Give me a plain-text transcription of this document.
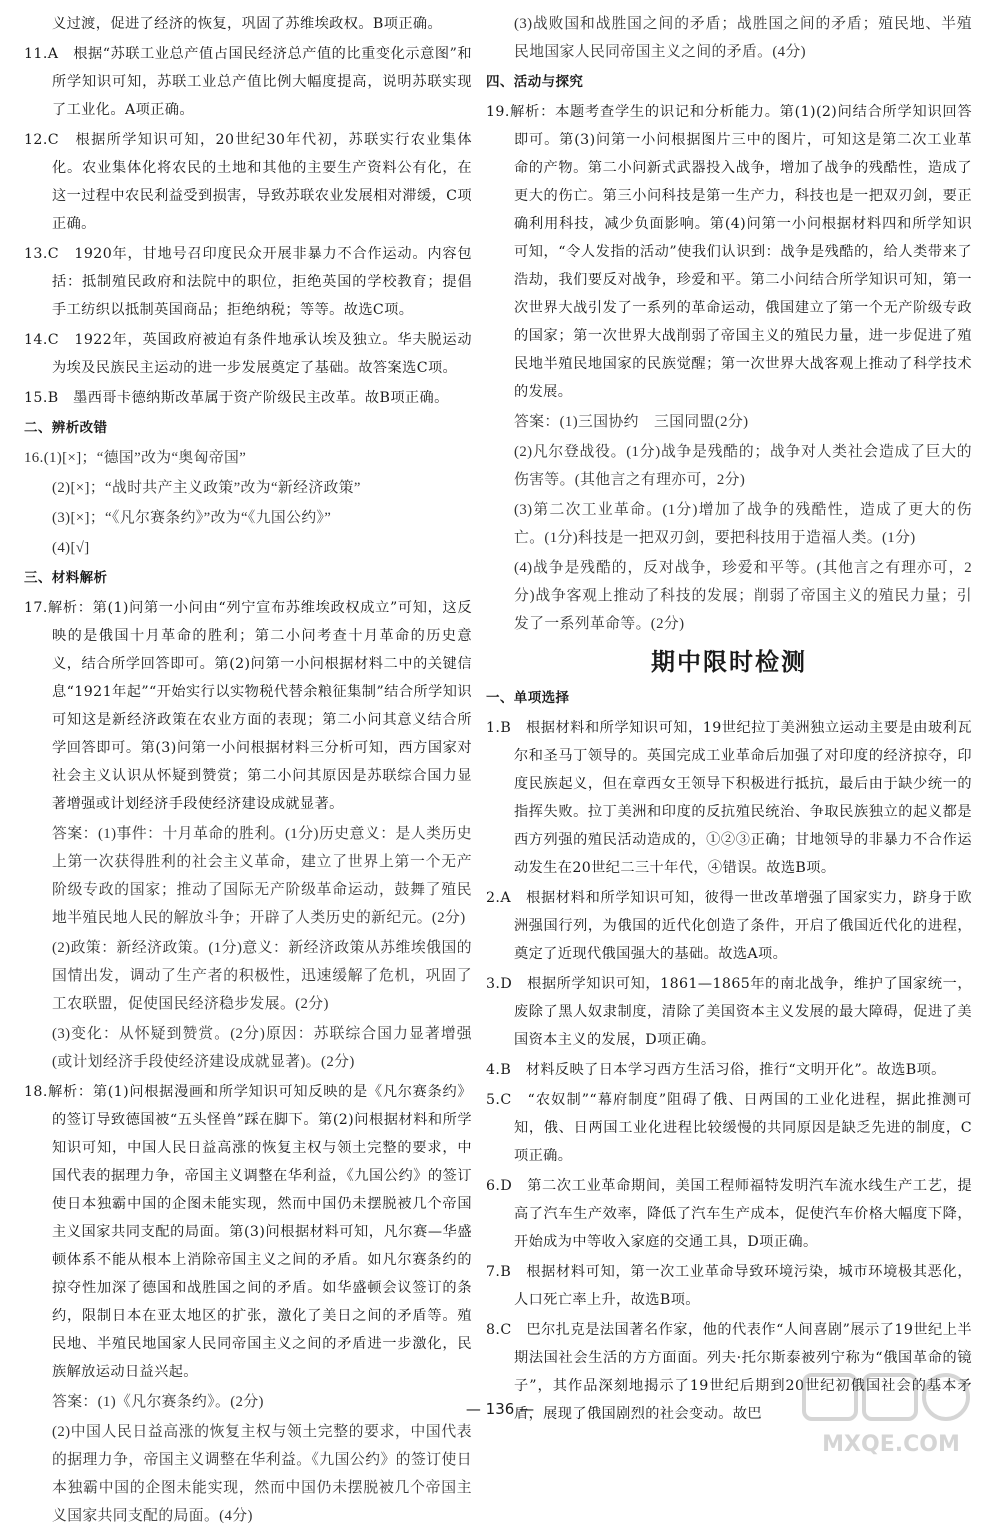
义过渡，促进了经济的恢复，巩固了苏维埃政权。B项正确。
11.A　根据“苏联工业总产值占国民经济总产值的比重变化示意图”和所学知识可知，苏联工业总产值比例大幅度提高，说明苏联实现了工业化。A项正确。
12.C　根据所学知识可知，20世纪30年代初，苏联实行农业集体化。农业集体化将农民的土地和其他的主要生产资料公有化，在这一过程中农民利益受到损害，导致苏联农业发展相对滞缓，C项正确。
13.C　1920年，甘地号召印度民众开展非暴力不合作运动。内容包括：抵制殖民政府和法院中的职位，拒绝英国的学校教育；提倡手工纺织以抵制英国商品；拒绝纳税；等等。故选C项。
14.C　1922年，英国政府被迫有条件地承认埃及独立。华夫脱运动为埃及民族民主运动的进一步发展奠定了基础。故答案选C项。
15.B　墨西哥卡德纳斯改革属于资产阶级民主改革。故B项正确。
二、辨析改错
16.(1)[×]；“德国”改为“奥匈帝国”
(2)[×]；“战时共产主义政策”改为“新经济政策”
(3)[×]；“《凡尔赛条约》”改为“《九国公约》”
(4)[√]
三、材料解析
17.解析：第(1)问第一小问由“列宁宣布苏维埃政权成立”可知，这反映的是俄国十月革命的胜利；第二小问考查十月革命的历史意义，结合所学回答即可。第(2)问第一小问根据材料二中的关键信息“1921年起”“开始实行以实物税代替余粮征集制”结合所学知识可知这是新经济政策在农业方面的表现；第二小问其意义结合所学回答即可。第(3)问第一小问根据材料三分析可知，西方国家对社会主义认识从怀疑到赞赏；第二小问其原因是苏联综合国力显著增强或计划经济手段使经济建设成就显著。
答案：(1)事件：十月革命的胜利。(1分)历史意义：是人类历史上第一次获得胜利的社会主义革命，建立了世界上第一个无产阶级专政的国家；推动了国际无产阶级革命运动，鼓舞了殖民地半殖民地人民的解放斗争；开辟了人类历史的新纪元。(2分)
(2)政策：新经济政策。(1分)意义：新经济政策从苏维埃俄国的国情出发，调动了生产者的积极性，迅速缓解了危机，巩固了工农联盟，促使国民经济稳步发展。(2分)
(3)变化：从怀疑到赞赏。(2分)原因：苏联综合国力显著增强(或计划经济手段使经济建设成就显著)。(2分)
18.解析：第(1)问根据漫画和所学知识可知反映的是《凡尔赛条约》的签订导致德国被“五头怪兽”踩在脚下。第(2)问根据材料和所学知识可知，中国人民日益高涨的恢复主权与领土完整的要求，中国代表的据理力争，帝国主义调整在华利益，《九国公约》的签订使日本独霸中国的企图未能实现，然而中国仍未摆脱被几个帝国主义国家共同支配的局面。第(3)问根据材料可知，凡尔赛—华盛顿体系不能从根本上消除帝国主义之间的矛盾。如凡尔赛条约的掠夺性加深了德国和战胜国之间的矛盾。如华盛顿会议签订的条约，限制日本在亚太地区的扩张，激化了美日之间的矛盾等。殖民地、半殖民地国家人民同帝国主义之间的矛盾进一步激化，民族解放运动日益兴起。
答案：(1)《凡尔赛条约》。(2分)
(2)中国人民日益高涨的恢复主权与领土完整的要求，中国代表的据理力争，帝国主义调整在华利益。《九国公约》的签订使日本独霸中国的企图未能实现，然而中国仍未摆脱被几个帝国主义国家共同支配的局面。(4分)
(3)战败国和战胜国之间的矛盾；战胜国之间的矛盾；殖民地、半殖民地国家人民同帝国主义之间的矛盾。(4分)
四、活动与探究
19.解析：本题考查学生的识记和分析能力。第(1)(2)问结合所学知识回答即可。第(3)问第一小问根据图片三中的图片，可知这是第二次工业革命的产物。第二小问新式武器投入战争，增加了战争的残酷性，造成了更大的伤亡。第三小问科技是第一生产力，科技也是一把双刃剑，要正确利用科技，减少负面影响。第(4)问第一小问根据材料四和所学知识可知，“令人发指的活动”使我们认识到：战争是残酷的，给人类带来了浩劫，我们要反对战争，珍爱和平。第二小问结合所学知识可知，第一次世界大战引发了一系列的革命运动，俄国建立了第一个无产阶级专政的国家；第一次世界大战削弱了帝国主义的殖民力量，进一步促进了殖民地半殖民地国家的民族觉醒；第一次世界大战客观上推动了科学技术的发展。
答案：(1)三国协约　三国同盟(2分)
(2)凡尔登战役。(1分)战争是残酷的；战争对人类社会造成了巨大的伤害等。(其他言之有理亦可，2分)
(3)第二次工业革命。(1分)增加了战争的残酷性，造成了更大的伤亡。(1分)科技是一把双刃剑，要把科技用于造福人类。(1分)
(4)战争是残酷的，反对战争，珍爱和平等。(其他言之有理亦可，2分)战争客观上推动了科技的发展；削弱了帝国主义的殖民力量；引发了一系列革命等。(2分)
期中限时检测
一、单项选择
1.B　根据材料和所学知识可知，19世纪拉丁美洲独立运动主要是由玻利瓦尔和圣马丁领导的。英国完成工业革命后加强了对印度的经济掠夺，印度民族起义，但在章西女王领导下积极进行抵抗，最后由于缺少统一的指挥失败。拉丁美洲和印度的反抗殖民统治、争取民族独立的起义都是西方列强的殖民活动造成的，①②③正确；甘地领导的非暴力不合作运动发生在20世纪二三十年代，④错误。故选B项。
2.A　根据材料和所学知识可知，彼得一世改革增强了国家实力，跻身于欧洲强国行列，为俄国的近代化创造了条件，开启了俄国近代化的进程，奠定了近现代俄国强大的基础。故选A项。
3.D　根据所学知识可知，1861—1865年的南北战争，维护了国家统一，废除了黑人奴隶制度，清除了美国资本主义发展的最大障碍，促进了美国资本主义的发展，D项正确。
4.B　材料反映了日本学习西方生活习俗，推行“文明开化”。故选B项。
5.C　“农奴制”“幕府制度”阻碍了俄、日两国的工业化进程，据此推测可知，俄、日两国工业化进程比较缓慢的共同原因是缺乏先进的制度，C项正确。
6.D　第二次工业革命期间，美国工程师福特发明汽车流水线生产工艺，提高了汽车生产效率，降低了汽车生产成本，促使汽车价格大幅度下降，开始成为中等收入家庭的交通工具，D项正确。
7.B　根据材料可知，第一次工业革命导致环境污染，城市环境极其恶化，人口死亡率上升，故选B项。
8.C　巴尔扎克是法国著名作家，他的代表作“人间喜剧”展示了19世纪上半期法国社会生活的方方面面。列夫·托尔斯泰被列宁称为“俄国革命的镜子”，其作品深刻地揭示了19世纪后期到20世纪初俄国社会的基本矛盾，展现了俄国剧烈的社会变动。故巴
— 136 —
MXQE.COM
